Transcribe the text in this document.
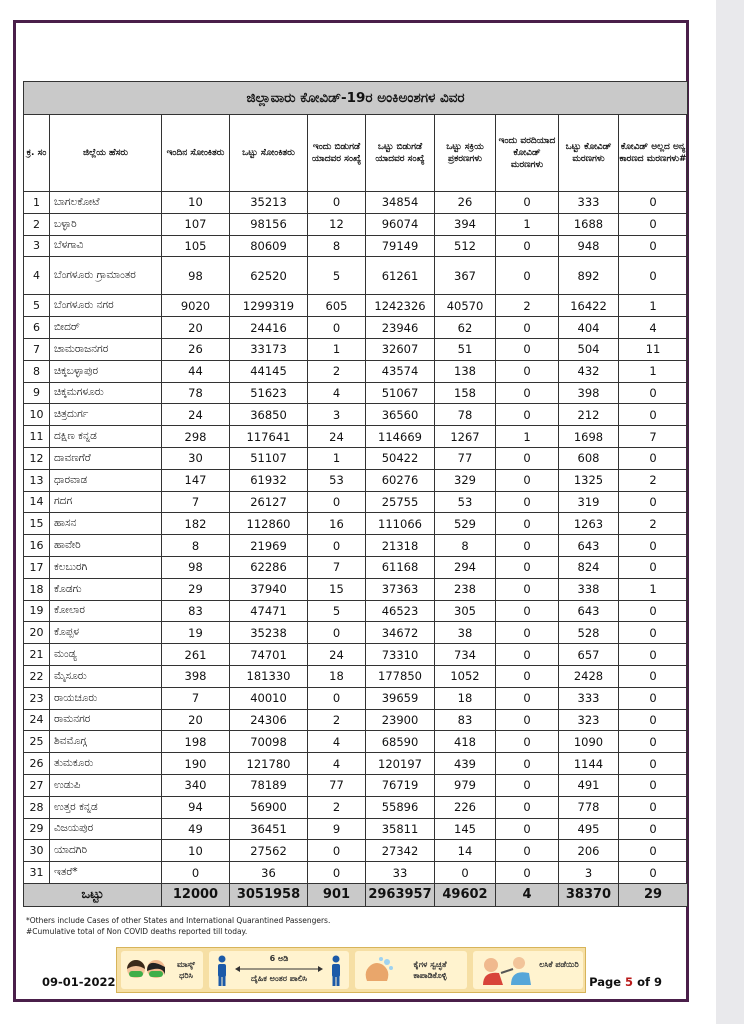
ಜಿಲ್ಲಾವಾರು ಕೋವಿಡ್-19ರ ಅಂಕಿಅಂಶಗಳ ವಿವರ									
ಕ್ರ. ಸಂ	ಜಿಲ್ಲೆಯ ಹೆಸರು	ಇಂದಿನ ಸೋಂಕಿತರು	ಒಟ್ಟು ಸೋಂಕಿತರು	ಇಂದು ಬಿಡುಗಡೆ ಯಾದವರ ಸಂಖ್ಯೆ	ಒಟ್ಟು ಬಿಡುಗಡೆ ಯಾದವರ ಸಂಖ್ಯೆ	ಒಟ್ಟು ಸಕ್ರಿಯ ಪ್ರಕರಣಗಳು	ಇಂದು ವರದಿಯಾದ ಕೋವಿಡ್ ಮರಣಗಳು	ಒಟ್ಟು ಕೋವಿಡ್ ಮರಣಗಳು	ಕೋವಿಡ್ ಅಲ್ಲದ ಅನ್ಯ ಕಾರಣದ ಮರಣಗಳು#
1	ಬಾಗಲಕೋಟೆ	10	35213	0	34854	26	0	333	0
2	ಬಳ್ಳಾರಿ	107	98156	12	96074	394	1	1688	0
3	ಬೆಳಗಾವಿ	105	80609	8	79149	512	0	948	0
4	ಬೆಂಗಳೂರು ಗ್ರಾಮಾಂತರ	98	62520	5	61261	367	0	892	0
5	ಬೆಂಗಳೂರು ನಗರ	9020	1299319	605	1242326	40570	2	16422	1
6	ಬೀದರ್	20	24416	0	23946	62	0	404	4
7	ಚಾಮರಾಜನಗರ	26	33173	1	32607	51	0	504	11
8	ಚಿಕ್ಕಬಳ್ಳಾಪುರ	44	44145	2	43574	138	0	432	1
9	ಚಿಕ್ಕಮಗಳೂರು	78	51623	4	51067	158	0	398	0
10	ಚಿತ್ರದುರ್ಗ	24	36850	3	36560	78	0	212	0
11	ದಕ್ಷಿಣ ಕನ್ನಡ	298	117641	24	114669	1267	1	1698	7
12	ದಾವಣಗೆರೆ	30	51107	1	50422	77	0	608	0
13	ಧಾರವಾಡ	147	61932	53	60276	329	0	1325	2
14	ಗದಗ	7	26127	0	25755	53	0	319	0
15	ಹಾಸನ	182	112860	16	111066	529	0	1263	2
16	ಹಾವೇರಿ	8	21969	0	21318	8	0	643	0
17	ಕಲಬುರಗಿ	98	62286	7	61168	294	0	824	0
18	ಕೊಡಗು	29	37940	15	37363	238	0	338	1
19	ಕೋಲಾರ	83	47471	5	46523	305	0	643	0
20	ಕೊಪ್ಪಳ	19	35238	0	34672	38	0	528	0
21	ಮಂಡ್ಯ	261	74701	24	73310	734	0	657	0
22	ಮೈಸೂರು	398	181330	18	177850	1052	0	2428	0
23	ರಾಯಚೂರು	7	40010	0	39659	18	0	333	0
24	ರಾಮನಗರ	20	24306	2	23900	83	0	323	0
25	ಶಿವಮೊಗ್ಗ	198	70098	4	68590	418	0	1090	0
26	ತುಮಕೂರು	190	121780	4	120197	439	0	1144	0
27	ಉಡುಪಿ	340	78189	77	76719	979	0	491	0
28	ಉತ್ತರ ಕನ್ನಡ	94	56900	2	55896	226	0	778	0
29	ವಿಜಯಪುರ	49	36451	9	35811	145	0	495	0
30	ಯಾದಗಿರಿ	10	27562	0	27342	14	0	206	0
31	ಇತರೆ*	0	36	0	33	0	0	3	0
ಒಟ್ಟು		12000	3051958	901	2963957	49602	4	38370	29
*Others include Cases of other States and International Quarantined Passengers.
#Cumulative total of Non COVID deaths reported till today.
ಮಾಸ್ಕ್ ಧರಿಸಿ
6 ಅಡಿ
ದೈಹಿಕ ಅಂತರ ಪಾಲಿಸಿ
ಕೈಗಳ ಸ್ವಚ್ಛತೆ ಕಾಪಾಡಿಕೊಳ್ಳಿ
ಲಸಿಕೆ ಪಡೆಯಿರಿ
09-01-2022	Page 5 of 9
